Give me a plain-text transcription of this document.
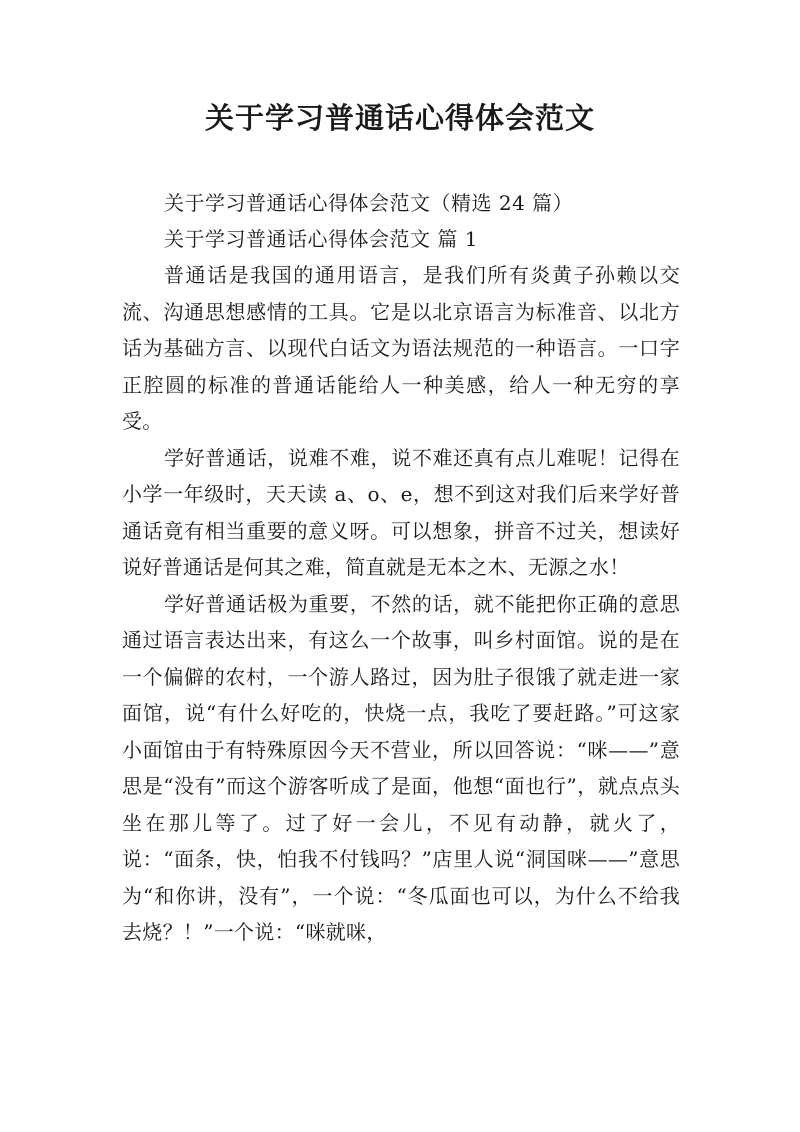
关于学习普通话心得体会范文

关于学习普通话心得体会范文（精选 24 篇）

关于学习普通话心得体会范文 篇 1

普通话是我国的通用语言，是我们所有炎黄子孙赖以交流、沟通思想感情的工具。它是以北京语言为标准音、以北方话为基础方言、以现代白话文为语法规范的一种语言。一口字正腔圆的标准的普通话能给人一种美感，给人一种无穷的享受。

学好普通话，说难不难，说不难还真有点儿难呢！记得在小学一年级时，天天读 a、o、e，想不到这对我们后来学好普通话竟有相当重要的意义呀。可以想象，拼音不过关，想读好说好普通话是何其之难，简直就是无本之木、无源之水！

学好普通话极为重要，不然的话，就不能把你正确的意思通过语言表达出来，有这么一个故事，叫乡村面馆。说的是在一个偏僻的农村，一个游人路过，因为肚子很饿了就走进一家面馆，说“有什么好吃的，快烧一点，我吃了要赶路。”可这家小面馆由于有特殊原因今天不营业，所以回答说：“咪——”意思是“没有”而这个游客听成了是面，他想“面也行”，就点点头坐在那儿等了。过了好一会儿，不见有动静，就火了，说：“面条，快，怕我不付钱吗？”店里人说“洞国咪——”意思为“和你讲，没有”，一个说：“冬瓜面也可以，为什么不给我去烧？！”一个说：“咪就咪，
